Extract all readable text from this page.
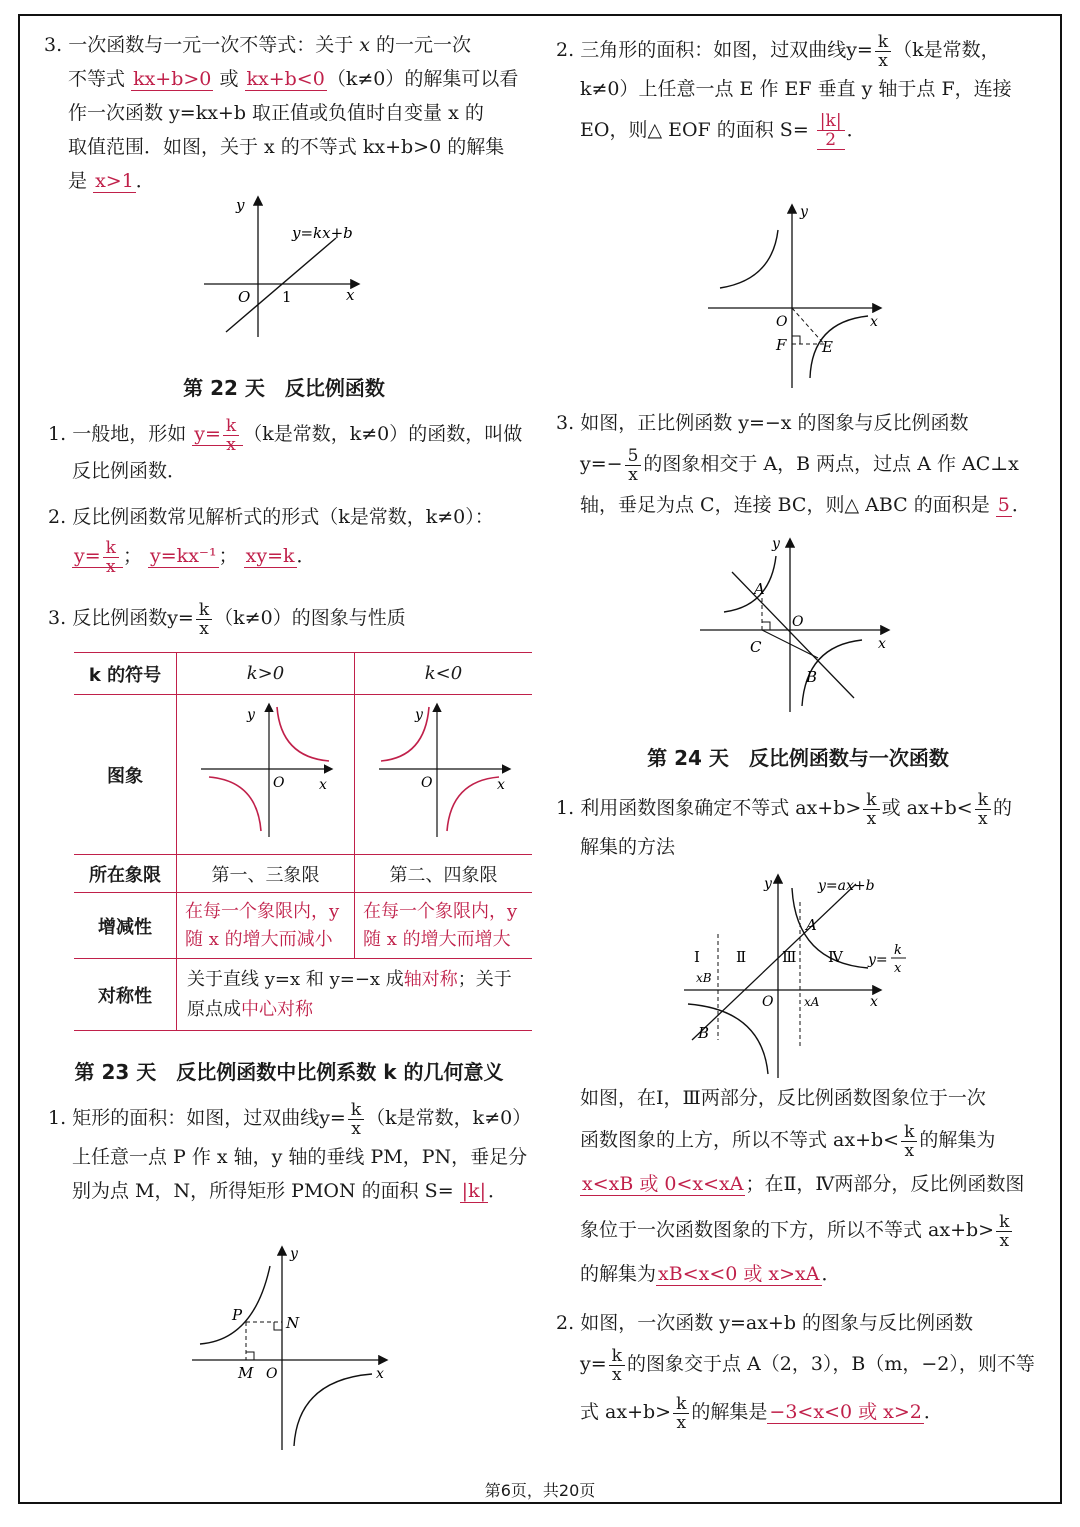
3. 一次函数与一元一次不等式：关于 x 的一元一次

不等式 kx+b>0 或 kx+b<0 （k≠0）的解集可以看

作一次函数 y=kx+b 取正值或负值时自变量 x 的

取值范围．如图，关于 x 的不等式 kx+b>0 的解集

是 x>1 ．

y
x
O 1
y=kx+b

第 22 天　反比例函数

1. 一般地，形如 $y= \frac{k}{x} (k$是常数，k≠0）的函数，叫做

反比例函数．

2. 反比例函数常见解析式的形式（k是常数，k≠0）：

$y= \frac{k}{x}$ ； y=kx⁻¹ ； xy=k ．

3. 反比例函数$y= \frac{k}{x} (k\ne 0)$的图象与性质

k 的符号	k>0	k<0
图象	y
x
O	y
x
O

所在象限	第一、三象限	第二、四象限
增减性	在每一个象限内，y 随 x 的增大而减小	在每一个象限内，y 随 x 的增大而增大
对称性	关于直线 y=x 和 y=−x 成轴对称；关于原点成中心对称	

第 23 天　反比例函数中比例系数 k 的几何意义

1. 矩形的面积：如图，过双曲线$y= \frac{k}{x} (k$是常数，k≠0）

上任意一点 P 作 x 轴，y 轴的垂线 PM，PN，垂足分

别为点 M，N，所得矩形 PMON 的面积 S= |k| ．

y
x
O
P	N
M

2. 三角形的面积：如图，过双曲线$y= \frac{k}{x} (k$是常数，

k≠0）上任意一点 E 作 EF 垂直 y 轴于点 F，连接

EO，则△ EOF 的面积 $S= \frac{|k|}{2}$ ．

y
x
O
F E

3. 如图，正比例函数 y=−x 的图象与反比例函数

$y=- \frac{5}{x}$ 的图象相交于 A，B 两点，过点 A 作 AC⊥x

轴，垂足为点 C，连接 BC，则△ ABC 的面积是 5 ．

y
x
O
A
C
B

第 24 天　反比例函数与一次函数

1. 利用函数图象确定不等式 $ax+b> \frac{k}{x}$ 或 $ax+b< \frac{k}{x}$ 的

解集的方法

y
x
O
y=ax+b
y=
k
x
Ⅰ Ⅱ Ⅲ Ⅳ
A
B
xB
xA

如图，在Ⅰ，Ⅲ两部分，反比例函数图象位于一次

函数图象的上方，所以不等式 $ax+b< \frac{k}{x}$ 的解集为

x<xB 或 0<x<xA ；在Ⅱ，Ⅳ两部分，反比例函数图

象位于一次函数图象的下方，所以不等式 $ax+b> \frac{k}{x}$

的解集为 xB<x<0 或 x>xA ．

2. 如图，一次函数 y=ax+b 的图象与反比例函数

$y= \frac{k}{x}$ 的图象交于点 A（2，3），B（m，−2），则不等

式 $ax+b> \frac{k}{x}$ 的解集是 −3<x<0 或 x>2 ．

第6页，共20页
